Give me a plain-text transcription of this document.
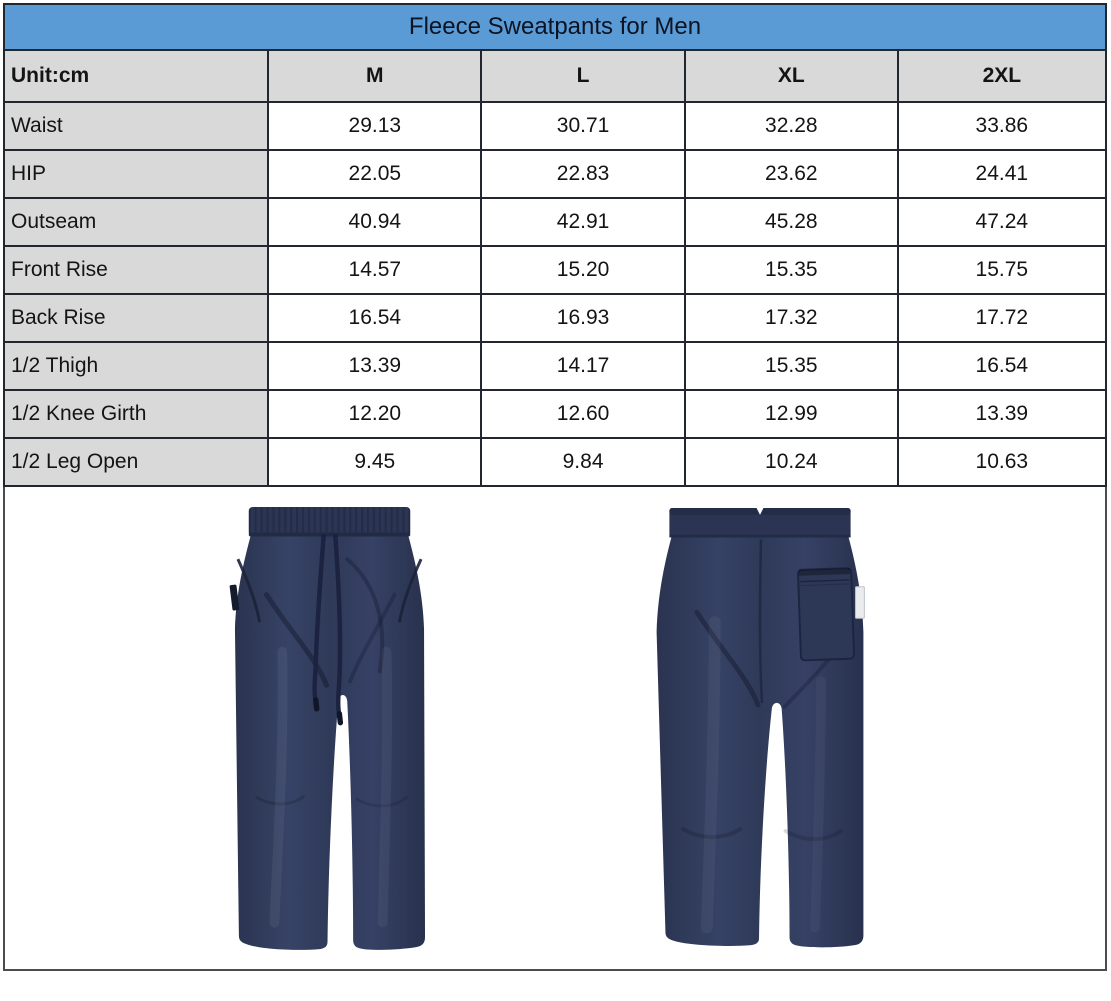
Fleece Sweatpants for Men				
Unit:cm	M	L	XL	2XL
Waist	29.13	30.71	32.28	33.86
HIP	22.05	22.83	23.62	24.41
Outseam	40.94	42.91	45.28	47.24
Front Rise	14.57	15.20	15.35	15.75
Back Rise	16.54	16.93	17.32	17.72
1/2 Thigh	13.39	14.17	15.35	16.54
1/2 Knee Girth	12.20	12.60	12.99	13.39
1/2 Leg Open	9.45	9.84	10.24	10.63
